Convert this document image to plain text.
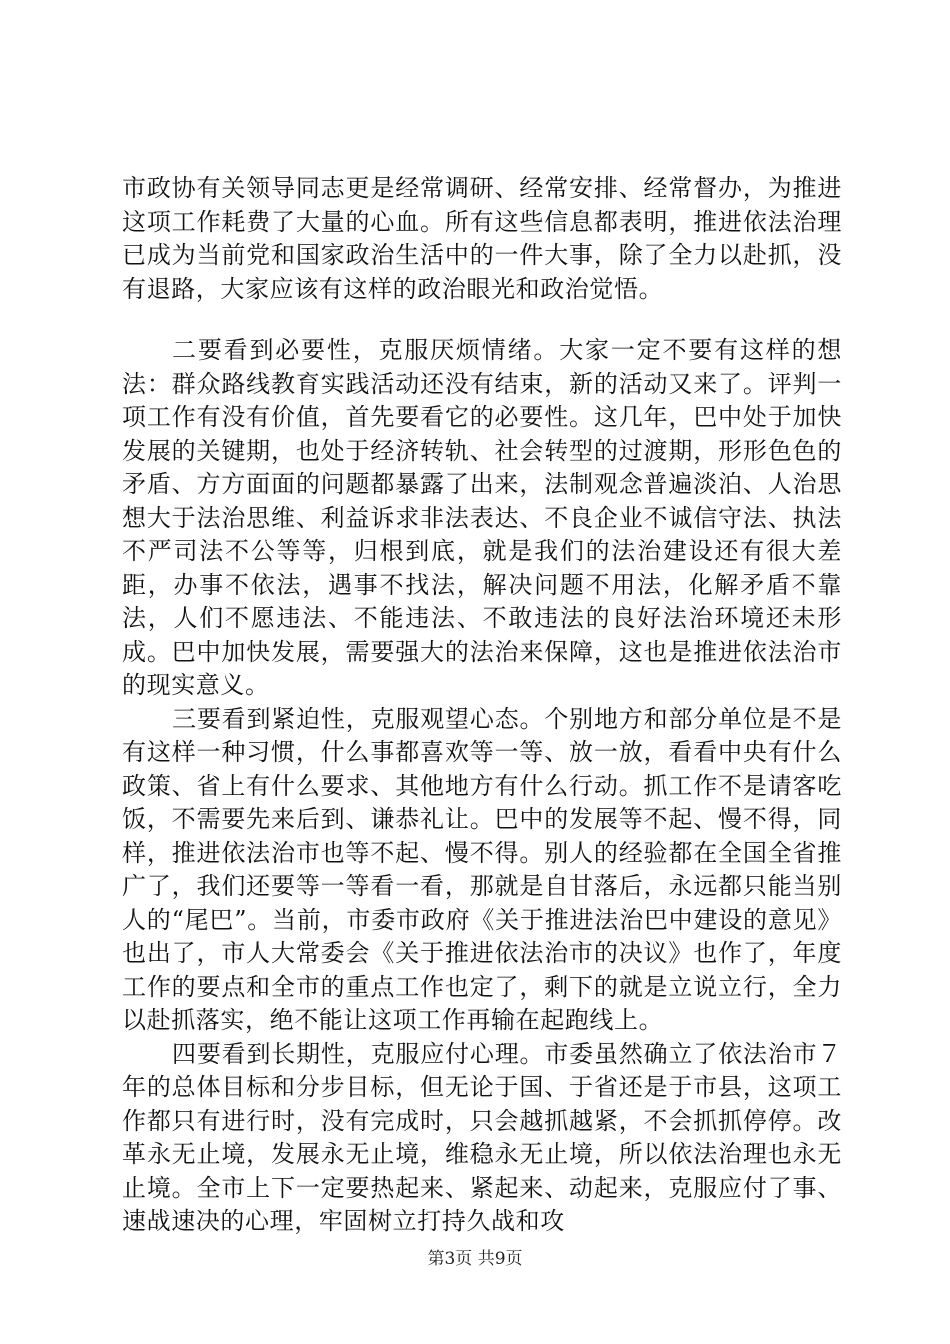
市政协有关领导同志更是经常调研、经常安排、经常督办，为推进这项工作耗费了大量的心血。所有这些信息都表明，推进依法治理已成为当前党和国家政治生活中的一件大事，除了全力以赴抓，没有退路，大家应该有这样的政治眼光和政治觉悟。

二要看到必要性，克服厌烦情绪。大家一定不要有这样的想法：群众路线教育实践活动还没有结束，新的活动又来了。评判一项工作有没有价值，首先要看它的必要性。这几年，巴中处于加快发展的关键期，也处于经济转轨、社会转型的过渡期，形形色色的矛盾、方方面面的问题都暴露了出来，法制观念普遍淡泊、人治思想大于法治思维、利益诉求非法表达、不良企业不诚信守法、执法不严司法不公等等，归根到底，就是我们的法治建设还有很大差距，办事不依法，遇事不找法，解决问题不用法，化解矛盾不靠法，人们不愿违法、不能违法、不敢违法的良好法治环境还未形成。巴中加快发展，需要强大的法治来保障，这也是推进依法治市的现实意义。

三要看到紧迫性，克服观望心态。个别地方和部分单位是不是有这样一种习惯，什么事都喜欢等一等、放一放，看看中央有什么政策、省上有什么要求、其他地方有什么行动。抓工作不是请客吃饭，不需要先来后到、谦恭礼让。巴中的发展等不起、慢不得，同样，推进依法治市也等不起、慢不得。别人的经验都在全国全省推广了，我们还要等一等看一看，那就是自甘落后，永远都只能当别人的“尾巴”。当前，市委市政府《关于推进法治巴中建设的意见》也出了，市人大常委会《关于推进依法治市的决议》也作了，年度工作的要点和全市的重点工作也定了，剩下的就是立说立行，全力以赴抓落实，绝不能让这项工作再输在起跑线上。

四要看到长期性，克服应付心理。市委虽然确立了依法治市７年的总体目标和分步目标，但无论于国、于省还是于市县，这项工作都只有进行时，没有完成时，只会越抓越紧，不会抓抓停停。改革永无止境，发展永无止境，维稳永无止境，所以依法治理也永无止境。全市上下一定要热起来、紧起来、动起来，克服应付了事、速战速决的心理，牢固树立打持久战和攻

第3页 共9页
